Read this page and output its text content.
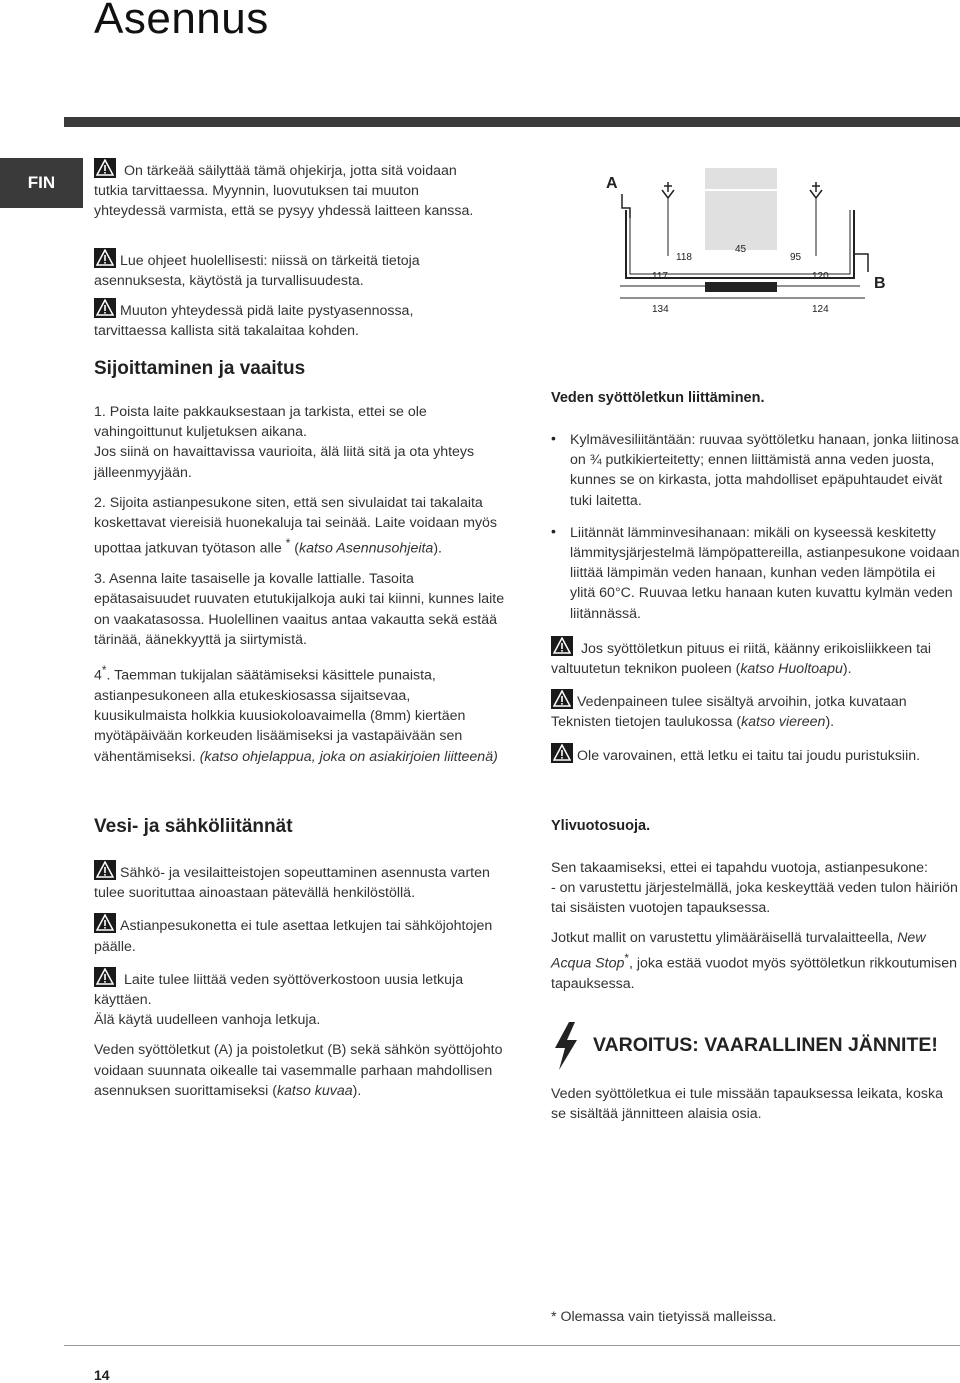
Asennus
FIN

On tärkeää säilyttää tämä ohjekirja, jotta sitä voidaan tutkia tarvittaessa. Myynnin, luovutuksen tai muuton yhteydessä varmista, että se pysyy yhdessä laitteen kanssa.

Lue ohjeet huolellisesti: niissä on tärkeitä tietoja asennuksesta, käytöstä ja turvallisuudesta.

Muuton yhteydessä pidä laite pystyasennossa, tarvittaessa kallista sitä takalaitaa kohden.

A
B
118
45
95
117	120
134	124
Sijoittaminen ja vaaitus

1. Poista laite pakkauksestaan ja tarkista, ettei se ole vahingoittunut kuljetuksen aikana.

Jos siinä on havaittavissa vaurioita, älä liitä sitä ja ota yhteys jälleenmyyjään.

2. Sijoita astianpesukone siten, että sen sivulaidat tai takalaita koskettavat viereisiä huonekaluja tai seinää. Laite voidaan myös upottaa jatkuvan työtason alle * (katso Asennusohjeita).

3. Asenna laite tasaiselle ja kovalle lattialle. Tasoita epätasaisuudet ruuvaten etutukijalkoja auki tai kiinni, kunnes laite on vaakatasossa. Huolellinen vaaitus antaa vakautta sekä estää tärinää, äänekkyyttä ja siirtymistä.

4*. Taemman tukijalan säätämiseksi käsittele punaista, astianpesukoneen alla etukeskiosassa sijaitsevaa, kuusikulmaista holkkia kuusiokoloavaimella (8mm) kiertäen myötäpäivään korkeuden lisäämiseksi ja vastapäivään sen vähentämiseksi. (katso ohjelappua, joka on asiakirjoien liitteenä)

Vesi- ja sähköliitännät

Sähkö- ja vesilaitteistojen sopeuttaminen asennusta varten tulee suorituttaa ainoastaan pätevällä henkilöstöllä.

Astianpesukonetta ei tule asettaa letkujen tai sähköjohtojen päälle.

Laite tulee liittää veden syöttöverkostoon uusia letkuja käyttäen.

Älä käytä uudelleen vanhoja letkuja.

Veden syöttöletkut (A) ja poistoletkut (B) sekä sähkön syöttöjohto voidaan suunnata oikealle tai vasemmalle parhaan mahdollisen asennuksen suorittamiseksi (katso kuvaa).

Veden syöttöletkun liittäminen.
• Kylmävesiliitäntään: ruuvaa syöttöletku hanaan, jonka liitinosa on ¾ putkikierteitetty; ennen liittämistä anna veden juosta, kunnes se on kirkasta, jotta mahdolliset epäpuhtaudet eivät tuki laitetta.

• Liitännät lämminvesihanaan: mikäli on kyseessä keskitetty lämmitysjärjestelmä lämpöpattereilla, astianpesukone voidaan liittää lämpimän veden hanaan, kunhan veden lämpötila ei ylitä 60°C. Ruuvaa letku hanaan kuten kuvattu kylmän veden liitännässä.

Jos syöttöletkun pituus ei riitä, käänny erikoisliikkeen tai valtuutetun teknikon puoleen (katso Huoltoapu).

Vedenpaineen tulee sisältyä arvoihin, jotka kuvataan Teknisten tietojen taulukossa (katso viereen).

Ole varovainen, että letku ei taitu tai joudu puristuksiin.

Ylivuotosuoja.

Sen takaamiseksi, ettei ei tapahdu vuotoja, astianpesukone:

- on varustettu järjestelmällä, joka keskeyttää veden tulon häiriön tai sisäisten vuotojen tapauksessa.

Jotkut mallit on varustettu ylimääräisellä turvalaitteella, New Acqua Stop*, joka estää vuodot myös syöttöletkun rikkoutumisen tapauksessa.

VAROITUS: VAARALLINEN JÄNNITE!

Veden syöttöletkua ei tule missään tapauksessa leikata, koska se sisältää jännitteen alaisia osia.

* Olemassa vain tietyissä malleissa.
14
